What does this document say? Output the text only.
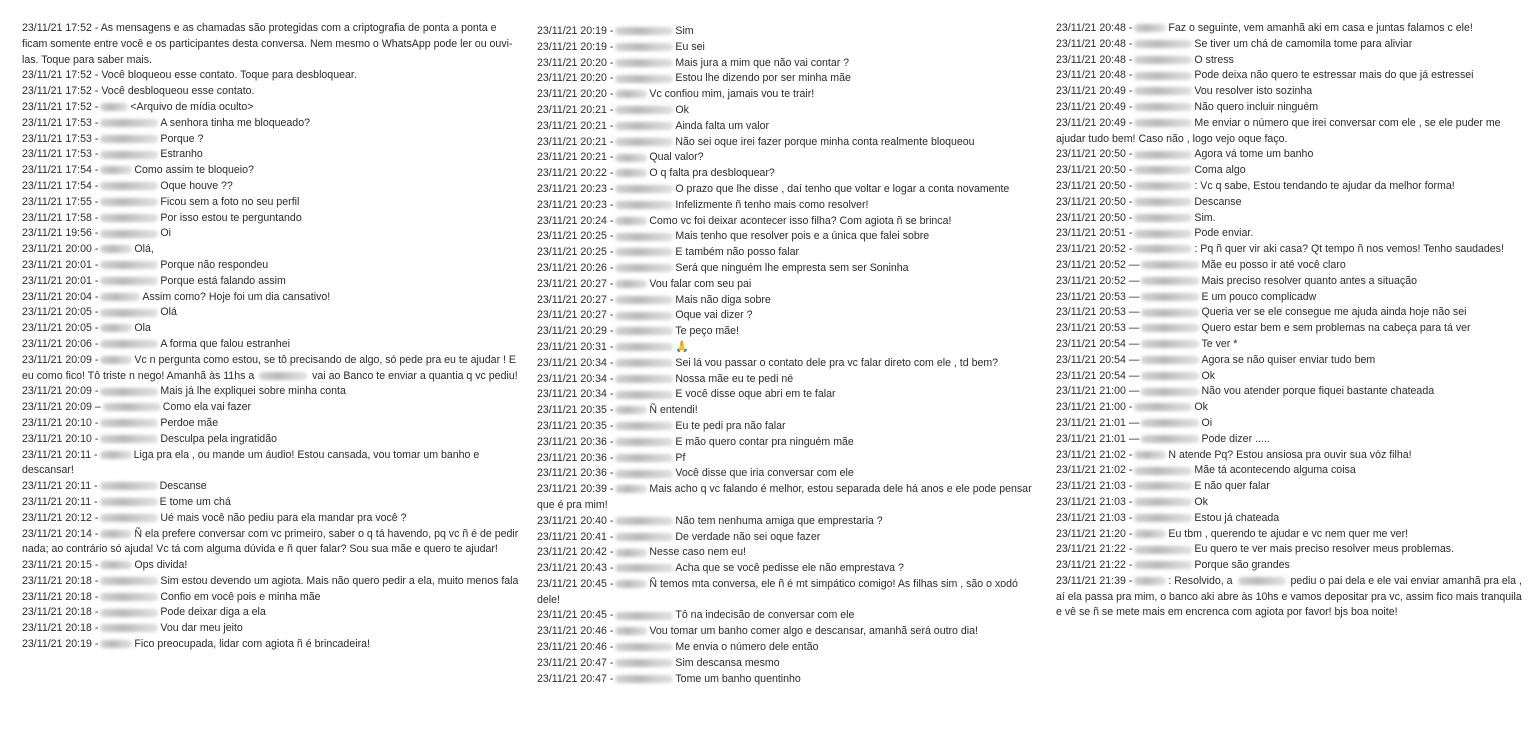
23/11/21 17:52 - As mensagens e as chamadas são protegidas com a criptografia de ponta a ponta e ficam somente entre você e os participantes desta conversa. Nem mesmo o WhatsApp pode ler ou ouvi-las. Toque para saber mais.
23/11/21 17:52 - Você bloqueou esse contato. Toque para desbloquear.
23/11/21 17:52 - Você desbloqueou esse contato.
23/11/21 17:52 -	<Arquivo de mídia oculto>
23/11/21 17:53 -	A senhora tinha me bloqueado?
23/11/21 17:53 -	Porque ?
23/11/21 17:53 -	Estranho
23/11/21 17:54 -	Como assim te bloqueio?
23/11/21 17:54 -	Oque houve ??
23/11/21 17:55 -	Ficou sem a foto no seu perfil
23/11/21 17:58 -	Por isso estou te perguntando
23/11/21 19:56 -	Oi
23/11/21 20:00 -	Olá,
23/11/21 20:01 -	Porque não respondeu
23/11/21 20:01 -	Porque está falando assim
23/11/21 20:04 -	Assim como? Hoje foi um dia cansativo!
23/11/21 20:05 -	Olá
23/11/21 20:05 -	Ola
23/11/21 20:06 -	A forma que falou estranhei
23/11/21 20:09 -	Vc n pergunta como estou, se tô precisando de algo, só pede pra eu te ajudar ! E eu como fico! Tô triste n nego! Amanhã às 11hs a	vai ao Banco te enviar a quantia q vc pediu!
23/11/21 20:09 -	Mais já lhe expliquei sobre minha conta
23/11/21 20:09 –	Como ela vai fazer
23/11/21 20:10 -	Perdoe mãe
23/11/21 20:10 -	Desculpa pela ingratidão
23/11/21 20:11 -	Liga pra ela , ou mande um áudio! Estou cansada, vou tomar um banho e descansar!
23/11/21 20:11 -	Descanse
23/11/21 20:11 -	E tome um chá
23/11/21 20:12 -	Ué mais você não pediu para ela mandar pra você ?
23/11/21 20:14 -	Ñ ela prefere conversar com vc primeiro, saber o q tá havendo, pq vc ñ é de pedir nada; ao contrário só ajuda! Vc tá com alguma dúvida e ñ quer falar? Sou sua mãe e quero te ajudar!
23/11/21 20:15 -	Ops divida!
23/11/21 20:18 -	Sim estou devendo um agiota. Mais não quero pedir a ela, muito menos fala
23/11/21 20:18 -	Confio em você pois e minha mãe
23/11/21 20:18 -	Pode deixar diga a ela
23/11/21 20:18 -	Vou dar meu jeito
23/11/21 20:19 -	Fico preocupada, lidar com agiota ñ é brincadeira!
23/11/21 20:19 -	Sim
23/11/21 20:19 -	Eu sei
23/11/21 20:20 -	Mais jura a mim que não vai contar ?
23/11/21 20:20 -	Estou lhe dizendo por ser minha mãe
23/11/21 20:20 -	Vc confiou mim, jamais vou te trair!
23/11/21 20:21 -	Ok
23/11/21 20:21 -	Ainda falta um valor
23/11/21 20:21 -	Não sei oque irei fazer porque minha conta realmente bloqueou
23/11/21 20:21 -	Qual valor?
23/11/21 20:22 -	O q falta pra desbloquear?
23/11/21 20:23 -	O prazo que lhe disse , daí tenho que voltar e logar a conta novamente
23/11/21 20:23 -	Infelizmente ñ tenho mais como resolver!
23/11/21 20:24 -	Como vc foi deixar acontecer isso filha? Com agiota ñ se brinca!
23/11/21 20:25 -	Mais tenho que resolver pois e a única que falei sobre
23/11/21 20:25 -	E também não posso falar
23/11/21 20:26 -	Será que ninguém lhe empresta sem ser Soninha
23/11/21 20:27 -	Vou falar com seu pai
23/11/21 20:27 -	Mais não diga sobre
23/11/21 20:27 -	Oque vai dizer ?
23/11/21 20:29 -	Te peço mãe!
23/11/21 20:31 -	🙏
23/11/21 20:34 -	Sei lá vou passar o contato dele pra vc falar direto com ele , td bem?
23/11/21 20:34 -	Nossa mãe eu te pedi né
23/11/21 20:34 -	E você disse oque abri em te falar
23/11/21 20:35 -	Ñ entendi!
23/11/21 20:35 -	Eu te pedi pra não falar
23/11/21 20:36 -	E mão quero contar pra ninguém mãe
23/11/21 20:36 -	Pf
23/11/21 20:36 -	Você disse que iria conversar com ele
23/11/21 20:39 -	Mais acho q vc falando é melhor, estou separada dele há anos e ele pode pensar que é pra mim!
23/11/21 20:40 -	Não tem nenhuma amiga que emprestaria ?
23/11/21 20:41 -	De verdade não sei oque fazer
23/11/21 20:42 -	Nesse caso nem eu!
23/11/21 20:43 -	Acha que se você pedisse ele não emprestava ?
23/11/21 20:45 -	Ñ temos mta conversa, ele ñ é mt simpático comigo! As filhas sim , são o xodó dele!
23/11/21 20:45 -	Tô na indecisão de conversar com ele
23/11/21 20:46 -	Vou tomar um banho comer algo e descansar, amanhã será outro dia!
23/11/21 20:46 -	Me envia o número dele então
23/11/21 20:47 -	Sim descansa mesmo
23/11/21 20:47 -	Tome um banho quentinho
23/11/21 20:48 -	Faz o seguinte, vem amanhã aki em casa e juntas falamos c ele!
23/11/21 20:48 -	Se tiver um chá de camomila tome para aliviar
23/11/21 20:48 -	O stress
23/11/21 20:48 -	Pode deixa não quero te estressar mais do que já estressei
23/11/21 20:49 -	Vou resolver isto sozinha
23/11/21 20:49 -	Não quero incluir ninguém
23/11/21 20:49 -	Me enviar o número que irei conversar com ele , se ele puder me ajudar tudo bem! Caso não , logo vejo oque faço.
23/11/21 20:50 -	Agora vá tome um banho
23/11/21 20:50 -	Coma algo
23/11/21 20:50 -	: Vc q sabe, Estou tendando te ajudar da melhor forma!
23/11/21 20:50 -	Descanse
23/11/21 20:50 -	Sim.
23/11/21 20:51 -	Pode enviar.
23/11/21 20:52 -	: Pq ñ quer vir aki casa? Qt tempo ñ nos vemos! Tenho saudades!
23/11/21 20:52 —	Mãe eu posso ir até você claro
23/11/21 20:52 —	Mais preciso resolver quanto antes a situação
23/11/21 20:53 —	E um pouco complicadw
23/11/21 20:53 —	Queria ver se ele consegue me ajuda ainda hoje não sei
23/11/21 20:53 —	Quero estar bem e sem problemas na cabeça para tá ver
23/11/21 20:54 —	Te ver *
23/11/21 20:54 —	Agora se não quiser enviar tudo bem
23/11/21 20:54 —	Ok
23/11/21 21:00 —	Não vou atender porque fiquei bastante chateada
23/11/21 21:00 -	Ok
23/11/21 21:01 —	Oi
23/11/21 21:01 —	Pode dizer .....
23/11/21 21:02 -	N atende Pq? Estou ansiosa pra ouvir sua vóz filha!
23/11/21 21:02 -	Mãe tá acontecendo alguma coisa
23/11/21 21:03 -	E não quer falar
23/11/21 21:03 -	Ok
23/11/21 21:03 -	Estou já chateada
23/11/21 21:20 -	Eu tbm , querendo te ajudar e vc nem quer me ver!
23/11/21 21:22 -	Eu quero te ver mais preciso resolver meus problemas.
23/11/21 21:22 -	Porque são grandes
23/11/21 21:39 -	: Resolvido, a	pediu o pai dela e ele vai enviar amanhã pra ela , aí ela passa pra mim, o banco aki abre às 10hs e vamos depositar pra vc, assim fico mais tranquila e vê se ñ se mete mais em encrenca com agiota por favor! bjs boa noite!
